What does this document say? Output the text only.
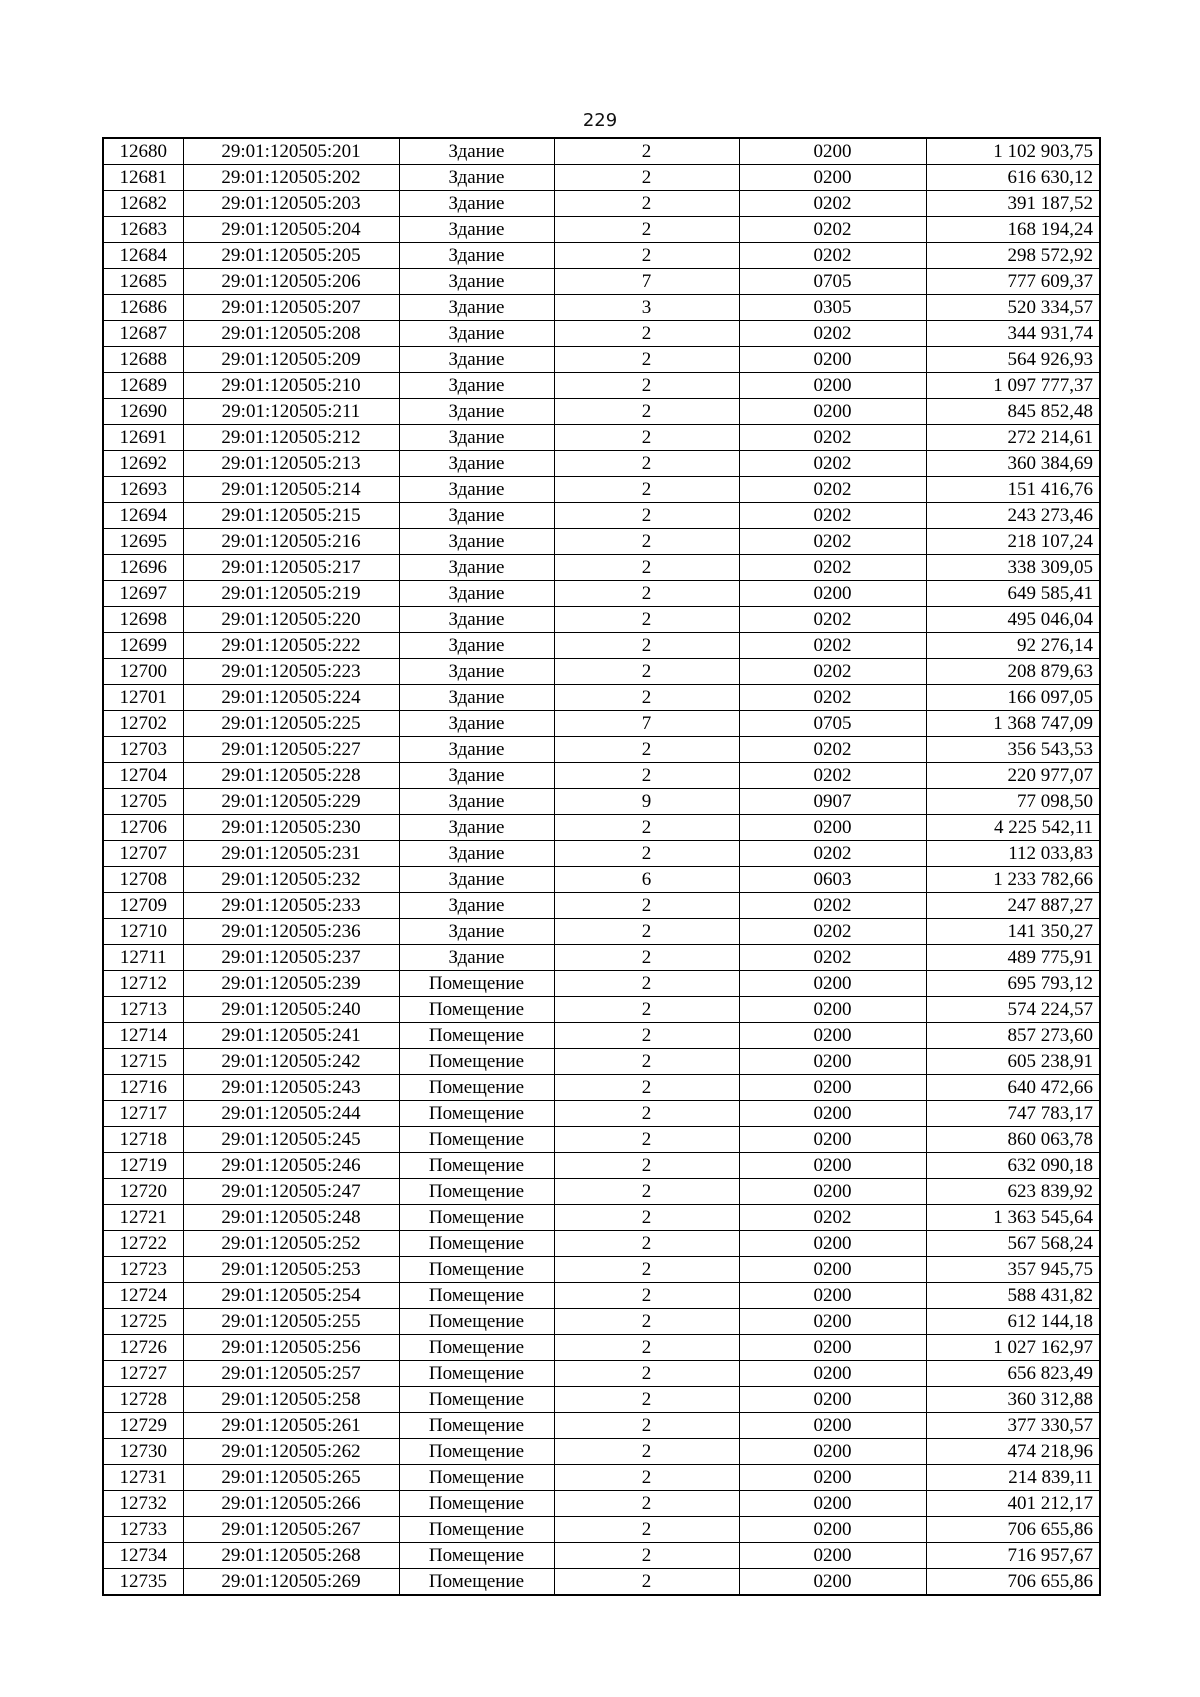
229
12680	29:01:120505:201	Здание	2	0200	1 102 903,75
12681	29:01:120505:202	Здание	2	0200	616 630,12
12682	29:01:120505:203	Здание	2	0202	391 187,52
12683	29:01:120505:204	Здание	2	0202	168 194,24
12684	29:01:120505:205	Здание	2	0202	298 572,92
12685	29:01:120505:206	Здание	7	0705	777 609,37
12686	29:01:120505:207	Здание	3	0305	520 334,57
12687	29:01:120505:208	Здание	2	0202	344 931,74
12688	29:01:120505:209	Здание	2	0200	564 926,93
12689	29:01:120505:210	Здание	2	0200	1 097 777,37
12690	29:01:120505:211	Здание	2	0200	845 852,48
12691	29:01:120505:212	Здание	2	0202	272 214,61
12692	29:01:120505:213	Здание	2	0202	360 384,69
12693	29:01:120505:214	Здание	2	0202	151 416,76
12694	29:01:120505:215	Здание	2	0202	243 273,46
12695	29:01:120505:216	Здание	2	0202	218 107,24
12696	29:01:120505:217	Здание	2	0202	338 309,05
12697	29:01:120505:219	Здание	2	0200	649 585,41
12698	29:01:120505:220	Здание	2	0202	495 046,04
12699	29:01:120505:222	Здание	2	0202	92 276,14
12700	29:01:120505:223	Здание	2	0202	208 879,63
12701	29:01:120505:224	Здание	2	0202	166 097,05
12702	29:01:120505:225	Здание	7	0705	1 368 747,09
12703	29:01:120505:227	Здание	2	0202	356 543,53
12704	29:01:120505:228	Здание	2	0202	220 977,07
12705	29:01:120505:229	Здание	9	0907	77 098,50
12706	29:01:120505:230	Здание	2	0200	4 225 542,11
12707	29:01:120505:231	Здание	2	0202	112 033,83
12708	29:01:120505:232	Здание	6	0603	1 233 782,66
12709	29:01:120505:233	Здание	2	0202	247 887,27
12710	29:01:120505:236	Здание	2	0202	141 350,27
12711	29:01:120505:237	Здание	2	0202	489 775,91
12712	29:01:120505:239	Помещение	2	0200	695 793,12
12713	29:01:120505:240	Помещение	2	0200	574 224,57
12714	29:01:120505:241	Помещение	2	0200	857 273,60
12715	29:01:120505:242	Помещение	2	0200	605 238,91
12716	29:01:120505:243	Помещение	2	0200	640 472,66
12717	29:01:120505:244	Помещение	2	0200	747 783,17
12718	29:01:120505:245	Помещение	2	0200	860 063,78
12719	29:01:120505:246	Помещение	2	0200	632 090,18
12720	29:01:120505:247	Помещение	2	0200	623 839,92
12721	29:01:120505:248	Помещение	2	0202	1 363 545,64
12722	29:01:120505:252	Помещение	2	0200	567 568,24
12723	29:01:120505:253	Помещение	2	0200	357 945,75
12724	29:01:120505:254	Помещение	2	0200	588 431,82
12725	29:01:120505:255	Помещение	2	0200	612 144,18
12726	29:01:120505:256	Помещение	2	0200	1 027 162,97
12727	29:01:120505:257	Помещение	2	0200	656 823,49
12728	29:01:120505:258	Помещение	2	0200	360 312,88
12729	29:01:120505:261	Помещение	2	0200	377 330,57
12730	29:01:120505:262	Помещение	2	0200	474 218,96
12731	29:01:120505:265	Помещение	2	0200	214 839,11
12732	29:01:120505:266	Помещение	2	0200	401 212,17
12733	29:01:120505:267	Помещение	2	0200	706 655,86
12734	29:01:120505:268	Помещение	2	0200	716 957,67
12735	29:01:120505:269	Помещение	2	0200	706 655,86
